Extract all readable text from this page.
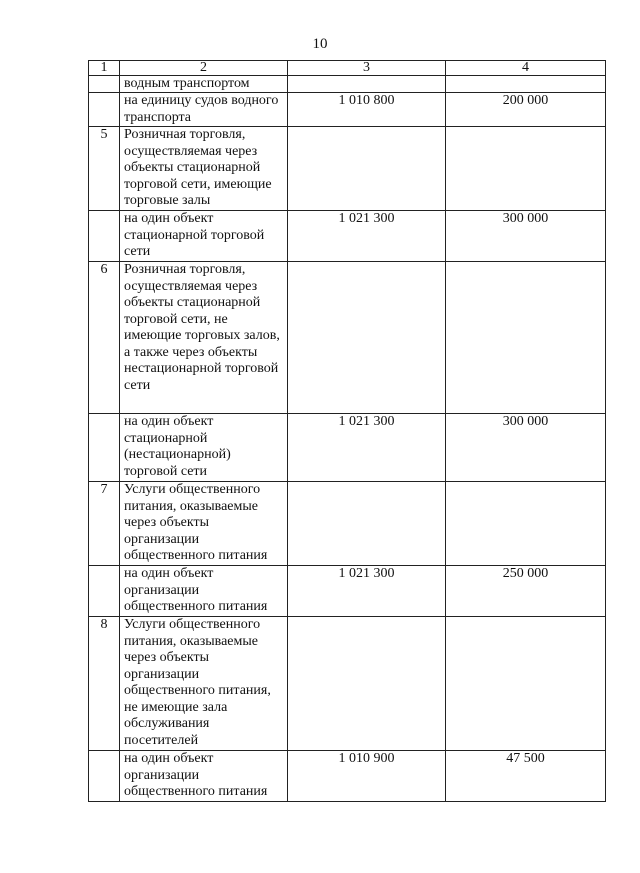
10
1	2	3	4
	водным транспортом		
	на единицу судов водного транспорта	1 010 800	200 000
5	Розничная торговля, осуществляемая через объекты стационарной торговой сети, имеющие торговые залы		
	на один объект стационарной торговой сети	1 021 300	300 000
6	Розничная торговля, осуществляемая через объекты стационарной торговой сети, не имеющие торговых залов, а также через объекты нестационарной торговой сети		
	на один объект стационарной (нестационарной) торговой сети	1 021 300	300 000
7	Услуги общественного питания, оказываемые через объекты организации общественного питания		
	на один объект организации общественного питания	1 021 300	250 000
8	Услуги общественного питания, оказываемые через объекты организации общественного питания, не имеющие зала обслуживания посетителей		
	на один объект организации общественного питания	1 010 900	47 500
